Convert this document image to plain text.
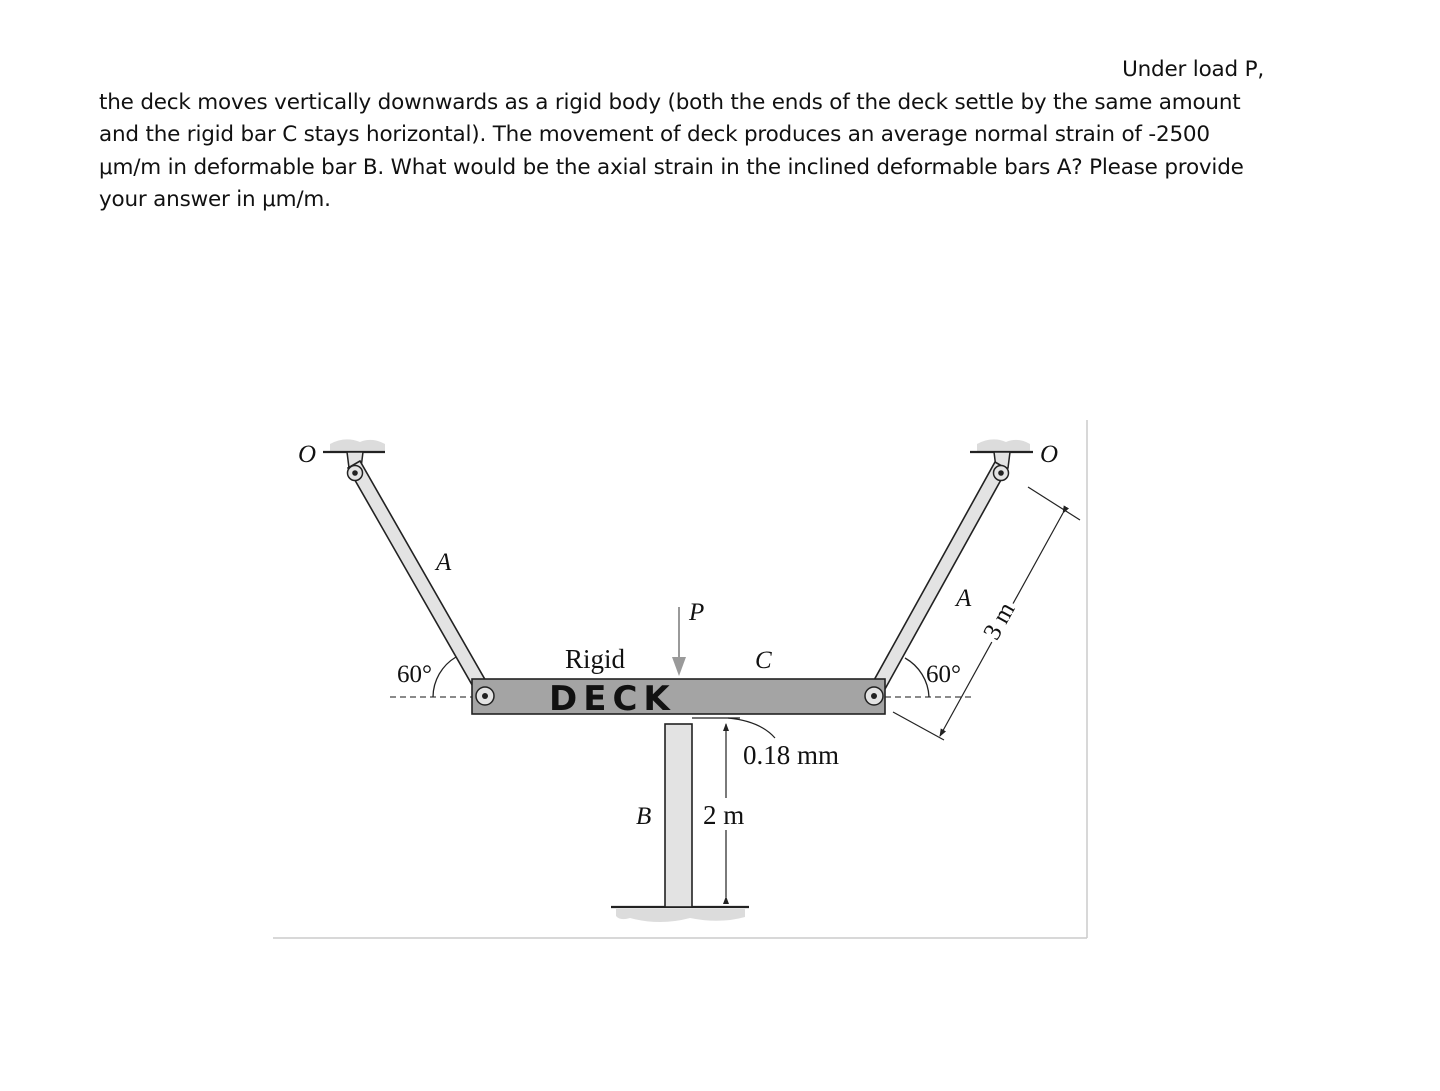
Under load P,
the deck moves vertically downwards as a rigid body (both the ends of the deck settle by the same amount and the rigid bar C stays horizontal). The movement of deck produces an average normal strain of -2500 μm/m in deformable bar B. What would be the axial strain in the inclined deformable bars A? Please provide your answer in μm/m.
O	O
A
A
60°	60°
P
Rigid
DECK
C
B
0.18 mm
2 m
3 m
